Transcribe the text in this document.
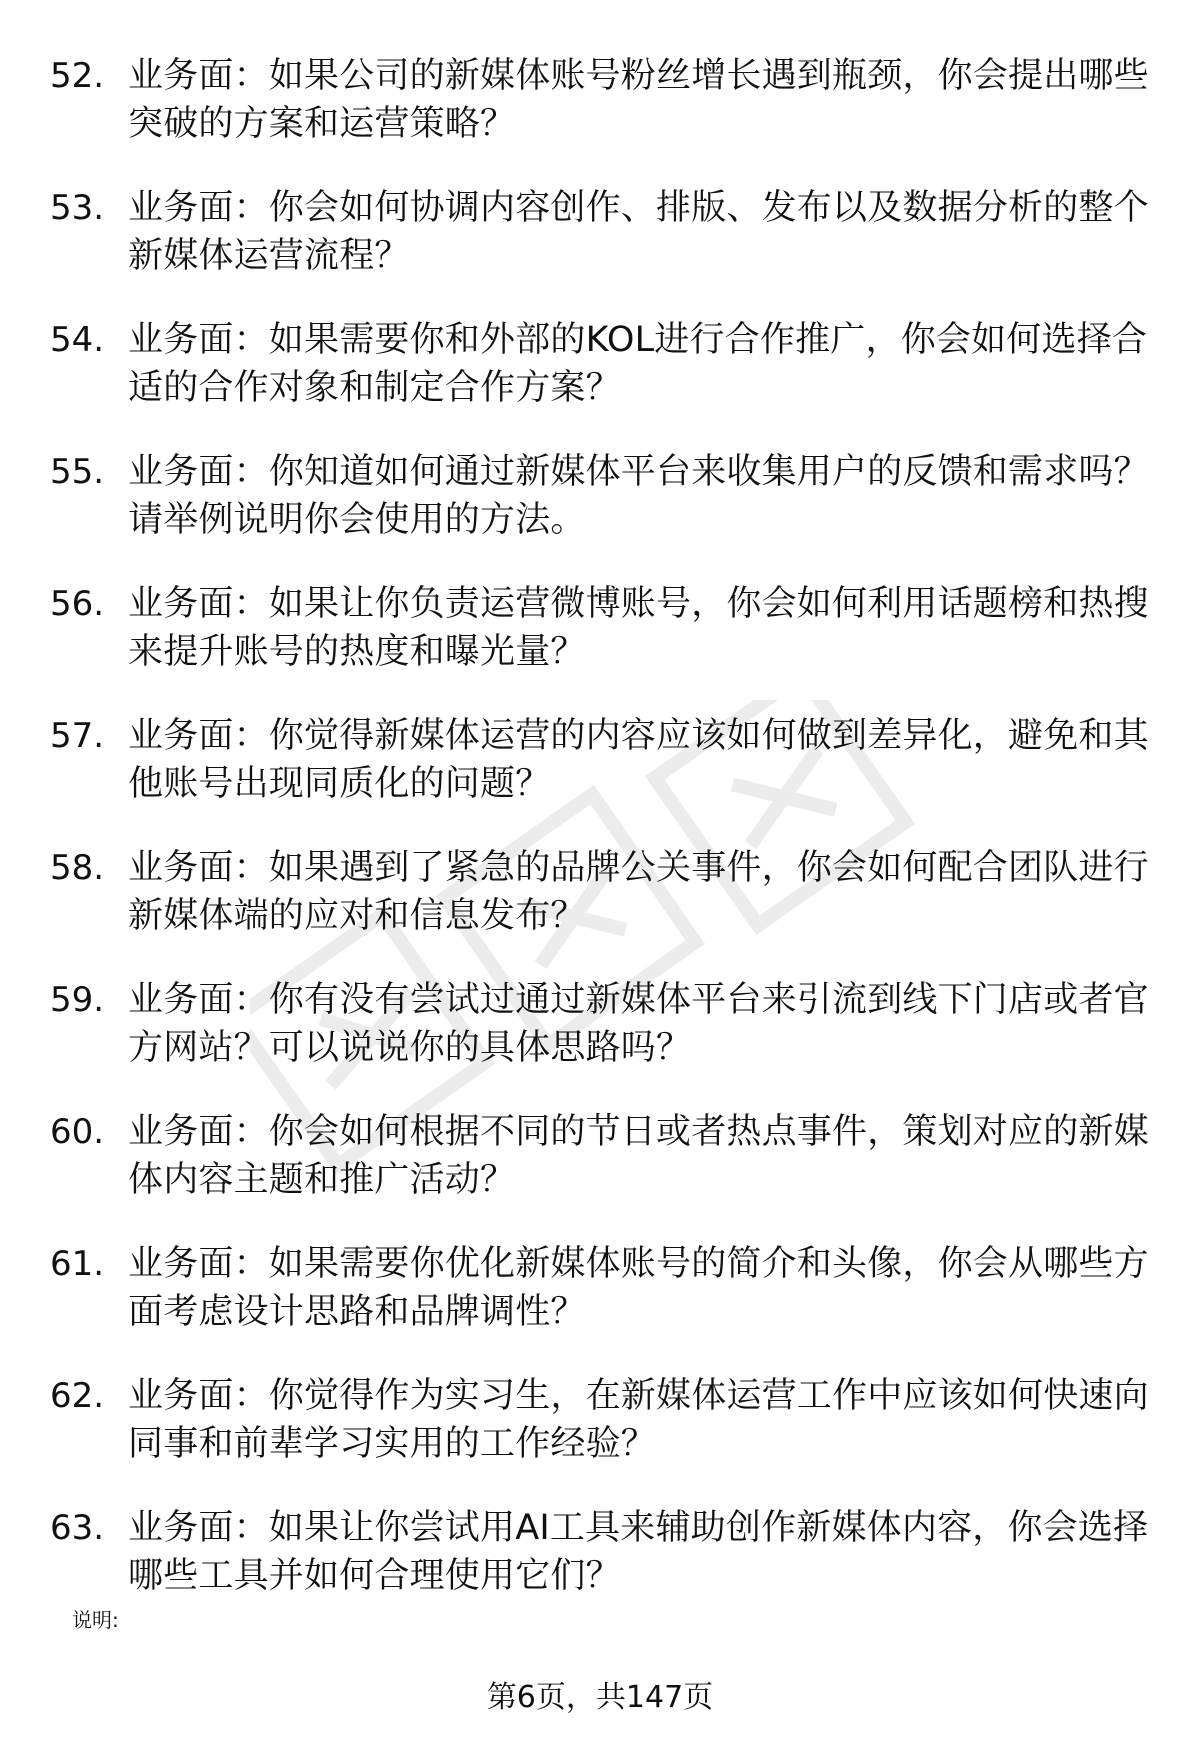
52. 业务面：如果公司的新媒体账号粉丝增长遇到瓶颈，你会提出哪些突破的方案和运营策略？
53. 业务面：你会如何协调内容创作、排版、发布以及数据分析的整个新媒体运营流程？
54. 业务面：如果需要你和外部的KOL进行合作推广，你会如何选择合适的合作对象和制定合作方案？
55. 业务面：你知道如何通过新媒体平台来收集用户的反馈和需求吗？请举例说明你会使用的方法。
56. 业务面：如果让你负责运营微博账号，你会如何利用话题榜和热搜来提升账号的热度和曝光量？
57. 业务面：你觉得新媒体运营的内容应该如何做到差异化，避免和其他账号出现同质化的问题？
58. 业务面：如果遇到了紧急的品牌公关事件，你会如何配合团队进行新媒体端的应对和信息发布？
59. 业务面：你有没有尝试过通过新媒体平台来引流到线下门店或者官方网站？可以说说你的具体思路吗？
60. 业务面：你会如何根据不同的节日或者热点事件，策划对应的新媒体内容主题和推广活动？
61. 业务面：如果需要你优化新媒体账号的简介和头像，你会从哪些方面考虑设计思路和品牌调性？
62. 业务面：你觉得作为实习生，在新媒体运营工作中应该如何快速向同事和前辈学习实用的工作经验？
63. 业务面：如果让你尝试用AI工具来辅助创作新媒体内容，你会选择哪些工具并如何合理使用它们？
说明:
第6页，共147页
